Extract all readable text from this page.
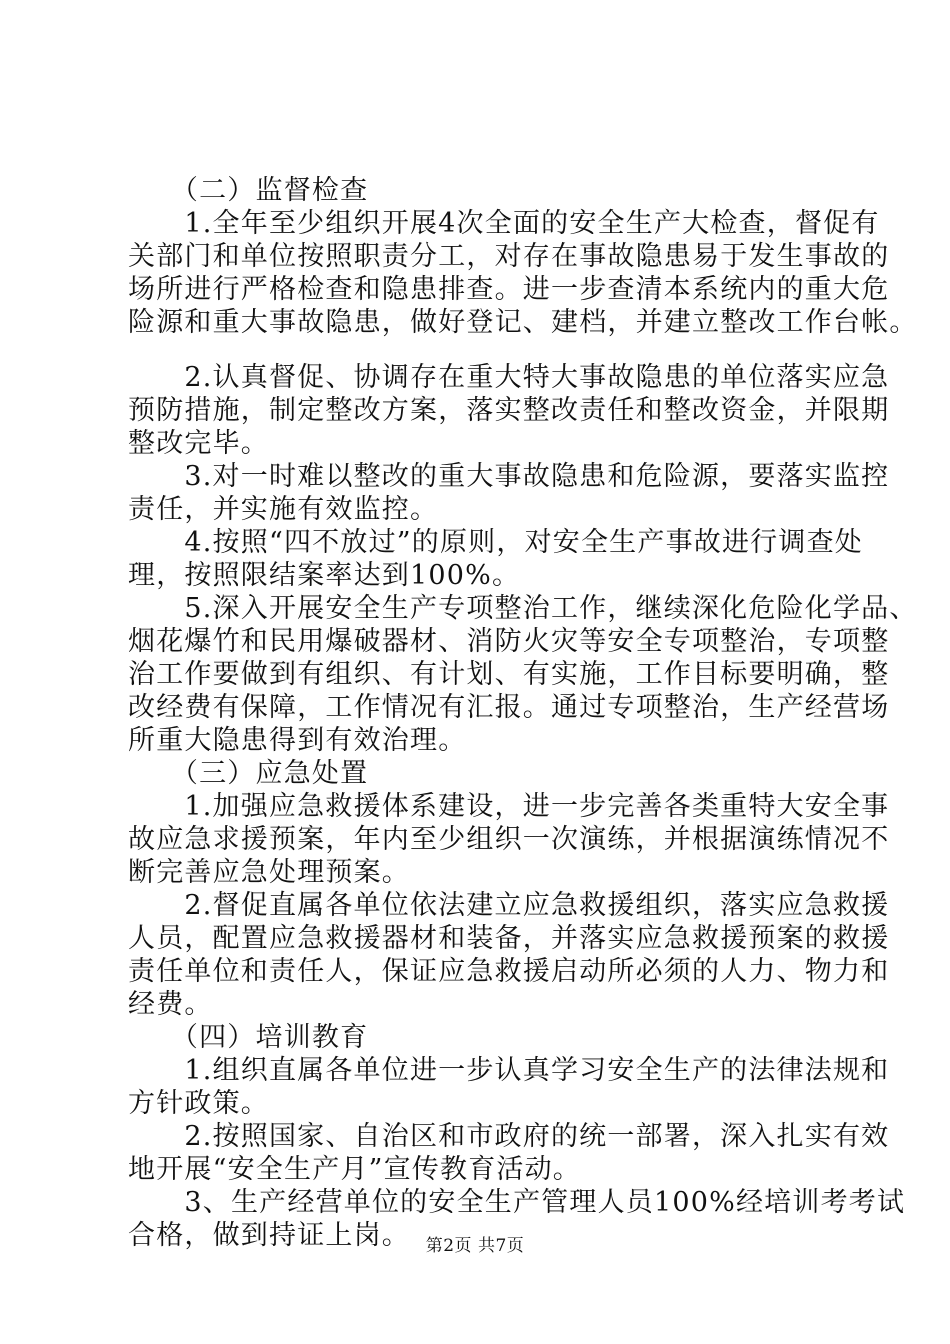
　　（二）监督检查
　　1.全年至少组织开展4次全面的安全生产大检查，督促有
关部门和单位按照职责分工，对存在事故隐患易于发生事故的
场所进行严格检查和隐患排查。进一步查清本系统内的重大危
险源和重大事故隐患，做好登记、建档，并建立整改工作台帐。
　　2.认真督促、协调存在重大特大事故隐患的单位落实应急
预防措施，制定整改方案，落实整改责任和整改资金，并限期
整改完毕。
　　3.对一时难以整改的重大事故隐患和危险源，要落实监控
责任，并实施有效监控。
　　4.按照“四不放过”的原则，对安全生产事故进行调查处
理，按照限结案率达到100%。
　　5.深入开展安全生产专项整治工作，继续深化危险化学品、
烟花爆竹和民用爆破器材、消防火灾等安全专项整治，专项整
治工作要做到有组织、有计划、有实施，工作目标要明确，整
改经费有保障，工作情况有汇报。通过专项整治，生产经营场
所重大隐患得到有效治理。
　　（三）应急处置
　　1.加强应急救援体系建设，进一步完善各类重特大安全事
故应急求援预案，年内至少组织一次演练，并根据演练情况不
断完善应急处理预案。
　　2.督促直属各单位依法建立应急救援组织，落实应急救援
人员，配置应急救援器材和装备，并落实应急救援预案的救援
责任单位和责任人，保证应急救援启动所必须的人力、物力和
经费。
　　（四）培训教育
　　1.组织直属各单位进一步认真学习安全生产的法律法规和
方针政策。
　　2.按照国家、自治区和市政府的统一部署，深入扎实有效
地开展“安全生产月”宣传教育活动。
　　3、生产经营单位的安全生产管理人员100%经培训考考试
合格，做到持证上岗。 第2页 共7页
